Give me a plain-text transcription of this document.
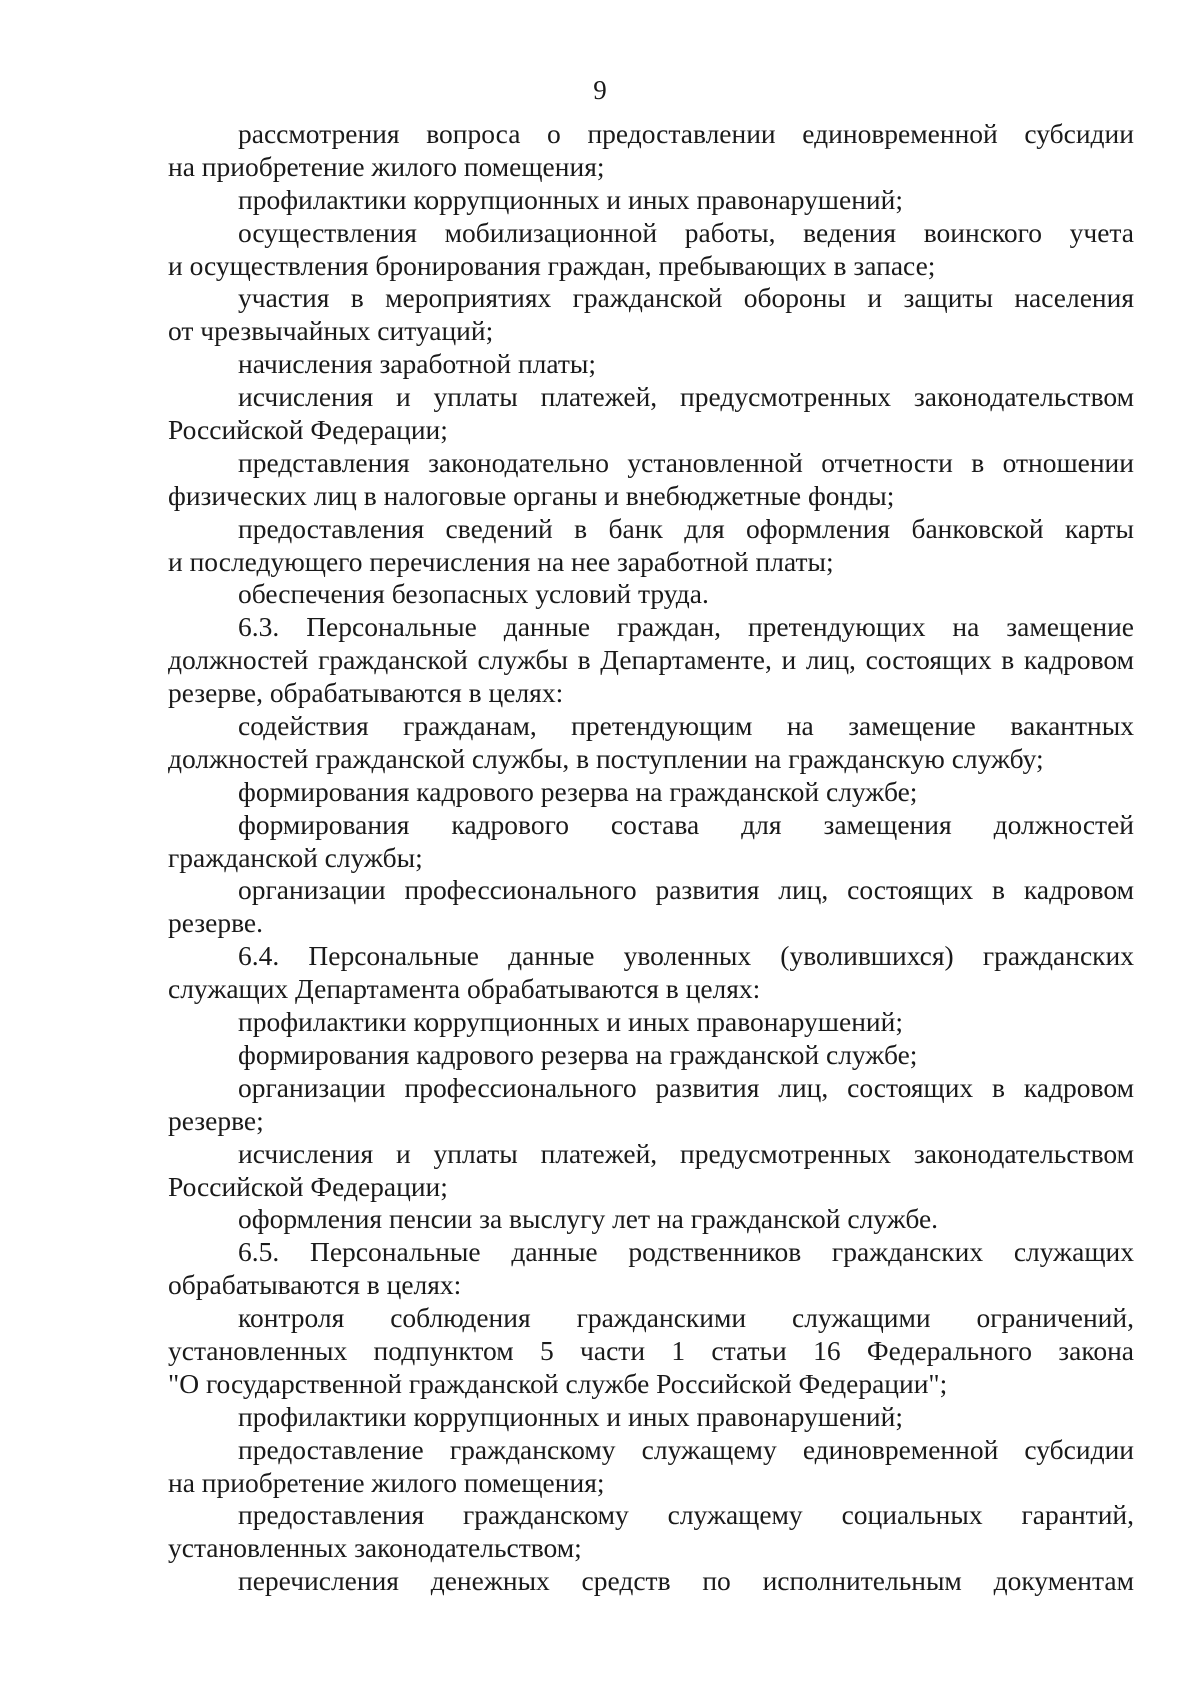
9
рассмотрения вопроса о предоставлении единовременной субсидии
на приобретение жилого помещения;
профилактики коррупционных и иных правонарушений;
осуществления мобилизационной работы, ведения воинского учета
и осуществления бронирования граждан, пребывающих в запасе;
участия в мероприятиях гражданской обороны и защиты населения
от чрезвычайных ситуаций;
начисления заработной платы;
исчисления и уплаты платежей, предусмотренных законодательством
Российской Федерации;
представления законодательно установленной отчетности в отношении
физических лиц в налоговые органы и внебюджетные фонды;
предоставления сведений в банк для оформления банковской карты
и последующего перечисления на нее заработной платы;
обеспечения безопасных условий труда.
6.3. Персональные данные граждан, претендующих на замещение
должностей гражданской службы в Департаменте, и лиц, состоящих в кадровом
резерве, обрабатываются в целях:
содействия гражданам, претендующим на замещение вакантных
должностей гражданской службы, в поступлении на гражданскую службу;
формирования кадрового резерва на гражданской службе;
формирования кадрового состава для замещения должностей
гражданской службы;
организации профессионального развития лиц, состоящих в кадровом
резерве.
6.4. Персональные данные уволенных (уволившихся) гражданских
служащих Департамента обрабатываются в целях:
профилактики коррупционных и иных правонарушений;
формирования кадрового резерва на гражданской службе;
организации профессионального развития лиц, состоящих в кадровом
резерве;
исчисления и уплаты платежей, предусмотренных законодательством
Российской Федерации;
оформления пенсии за выслугу лет на гражданской службе.
6.5. Персональные данные родственников гражданских служащих
обрабатываются в целях:
контроля соблюдения гражданскими служащими ограничений,
установленных подпунктом 5 части 1 статьи 16 Федерального закона
"О государственной гражданской службе Российской Федерации";
профилактики коррупционных и иных правонарушений;
предоставление гражданскому служащему единовременной субсидии
на приобретение жилого помещения;
предоставления гражданскому служащему социальных гарантий,
установленных законодательством;
перечисления денежных средств по исполнительным документам
